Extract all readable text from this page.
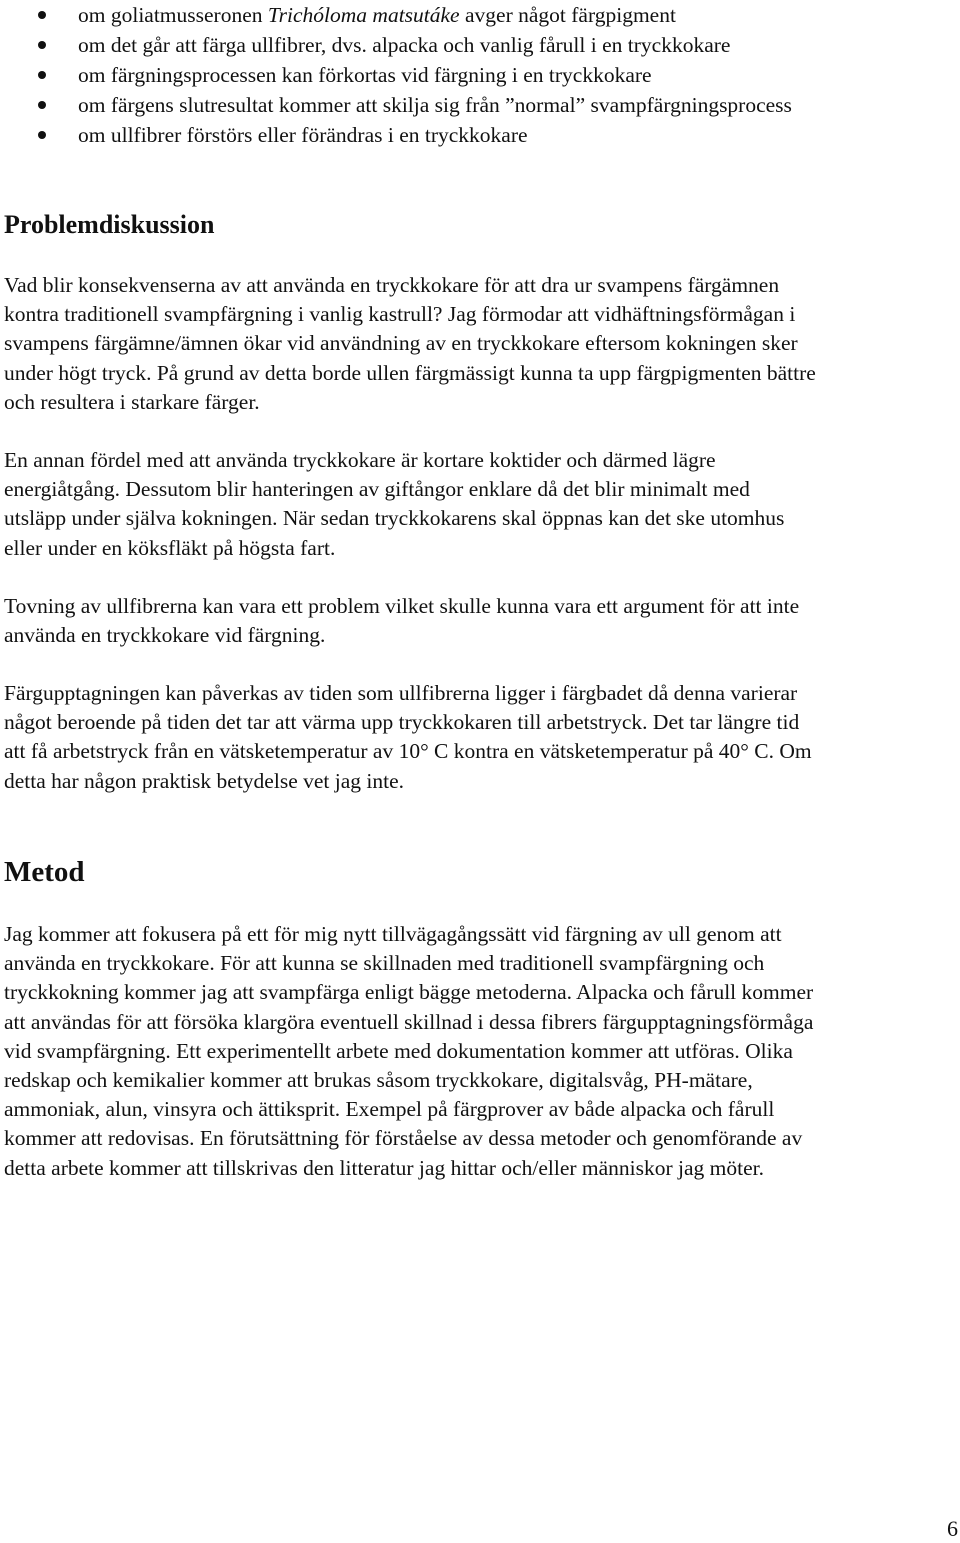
om goliatmusseronen Trichóloma matsutáke avger något färgpigment
om det går att färga ullfibrer, dvs. alpacka och vanlig fårull i en tryckkokare
om färgningsprocessen kan förkortas vid färgning i en tryckkokare
om färgens slutresultat kommer att skilja sig från ”normal” svampfärgningsprocess
om ullfibrer förstörs eller förändras i en tryckkokare
Problemdiskussion

Vad blir konsekvenserna av att använda en tryckkokare för att dra ur svampens färgämnen
kontra traditionell svampfärgning i vanlig kastrull? Jag förmodar att vidhäftningsförmågan i
svampens färgämne/ämnen ökar vid användning av en tryckkokare eftersom kokningen sker
under högt tryck. På grund av detta borde ullen färgmässigt kunna ta upp färgpigmenten bättre
och resultera i starkare färger.

En annan fördel med att använda tryckkokare är kortare koktider och därmed lägre
energiåtgång. Dessutom blir hanteringen av giftångor enklare då det blir minimalt med
utsläpp under själva kokningen. När sedan tryckkokarens skal öppnas kan det ske utomhus
eller under en köksfläkt på högsta fart.

Tovning av ullfibrerna kan vara ett problem vilket skulle kunna vara ett argument för att inte
använda en tryckkokare vid färgning.

Färgupptagningen kan påverkas av tiden som ullfibrerna ligger i färgbadet då denna varierar
något beroende på tiden det tar att värma upp tryckkokaren till arbetstryck. Det tar längre tid
att få arbetstryck från en vätsketemperatur av 10° C kontra en vätsketemperatur på 40° C. Om
detta har någon praktisk betydelse vet jag inte.

Metod

Jag kommer att fokusera på ett för mig nytt tillvägagångssätt vid färgning av ull genom att
använda en tryckkokare. För att kunna se skillnaden med traditionell svampfärgning och
tryckkokning kommer jag att svampfärga enligt bägge metoderna. Alpacka och fårull kommer
att användas för att försöka klargöra eventuell skillnad i dessa fibrers färgupptagningsförmåga
vid svampfärgning. Ett experimentellt arbete med dokumentation kommer att utföras. Olika
redskap och kemikalier kommer att brukas såsom tryckkokare, digitalsvåg, PH-mätare,
ammoniak, alun, vinsyra och ättiksprit. Exempel på färgprover av både alpacka och fårull
kommer att redovisas. En förutsättning för förståelse av dessa metoder och genomförande av
detta arbete kommer att tillskrivas den litteratur jag hittar och/eller människor jag möter.

6
